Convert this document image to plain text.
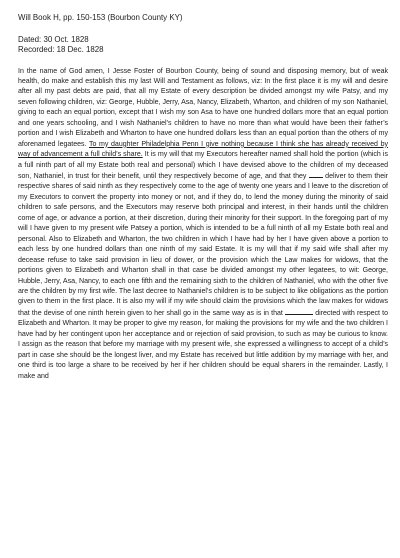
Will Book H, pp. 150-153 (Bourbon County KY)

Dated: 30 Oct. 1828

Recorded: 18 Dec. 1828

In the name of God amen, I Jesse Foster of Bourbon County, being of sound and disposing memory, but of weak health, do make and establish this my last Will and Testament as follows, viz: In the first place it is my will and desire after all my past debts are paid, that all my Estate of every description be divided amongst my wife Patsy, and my seven following children, viz: George, Hubble, Jerry, Asa, Nancy, Elizabeth, Wharton, and children of my son Nathaniel, giving to each an equal portion, except that I wish my son Asa to have one hundred dollars more that an equal portion and one years schooling, and I wish Nathaniel’s children to have no more than what would have been their father’s portion and I wish Elizabeth and Wharton to have one hundred dollars less than an equal portion than the others of my aforenamed legatees. To my daughter Philadelphia Penn I give nothing because I think she has already received by way of advancement a full child’s share. It is my will that my Executors hereafter named shall hold the portion (which is a full ninth part of all my Estate both real and personal) which I have devised above to the children of my deceased son, Nathaniel, in trust for their benefit, until they respectively become of age, and that they	deliver to them their respective shares of said ninth as they respectively come to the age of twenty one years and I leave to the discretion of my Executors to convert the property into money or not, and if they do, to lend the money during the minority of said children to safe persons, and the Executors may reserve both principal and interest, in their hands until the children come of age, or advance a portion, at their discretion, during their minority for their support. In the foregoing part of my will I have given to my present wife Patsey a portion, which is intended to be a full ninth of all my Estate both real and personal. Also to Elizabeth and Wharton, the two children in which I have had by her I have given above a portion to each less by one hundred dollars than one ninth of my said Estate. It is my will that if my said wife shall after my decease refuse to take said provision in lieu of dower, or the provision which the Law makes for widows, that the portions given to Elizabeth and Wharton shall in that case be divided amongst my other legatees, to wit: George, Hubble, Jerry, Asa, Nancy, to each one fifth and the remaining sixth to the children of Nathaniel, who with the other five are the children by my first wife. The last decree to Nathaniel’s children is to be subject to like obligations as the portion given to them in the first place. It is also my will if my wife should claim the provisions which the law makes for widows that the devise of one ninth herein given to her shall go in the same way as is in that	directed with respect to Elizabeth and Wharton. It may be proper to give my reason, for making the provisions for my wife and the two children I have had by her contingent upon her acceptance and or rejection of said provision, to such as may be curious to know. I assign as the reason that before my marriage with my present wife, she expressed a willingness to accept of a child’s part in case she should be the longest liver, and my Estate has received but little addition by my marriage with her, and one third is too large a share to be received by her if her children should be equal sharers in the remainder. Lastly, I make and
